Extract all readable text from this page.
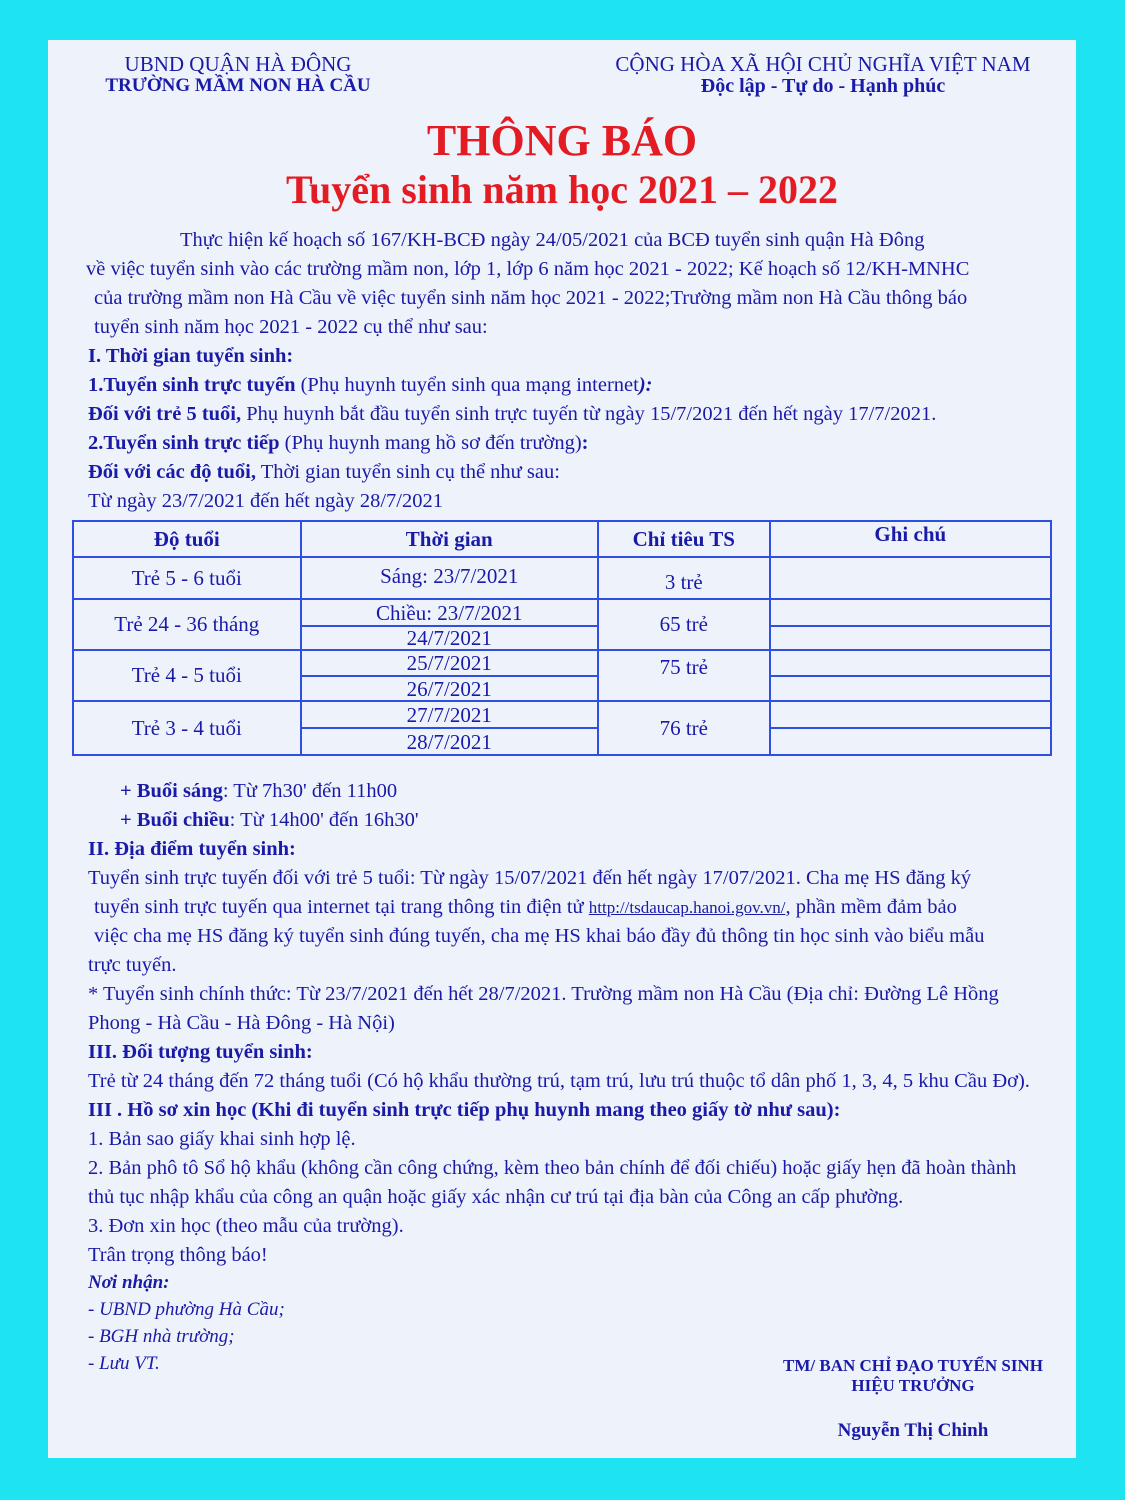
UBND QUẬN HÀ ĐÔNG
TRƯỜNG MẦM NON HÀ CẦU
CỘNG HÒA XÃ HỘI CHỦ NGHĨA VIỆT NAM
Độc lập - Tự do - Hạnh phúc
THÔNG BÁO
Tuyển sinh năm học 2021 – 2022
Thực hiện kế hoạch số 167/KH-BCĐ ngày 24/05/2021 của BCĐ tuyển sinh quận Hà Đông
về việc tuyển sinh vào các trường mầm non, lớp 1, lớp 6 năm học 2021 - 2022; Kế hoạch số 12/KH-MNHC
của trường mầm non Hà Cầu về việc tuyển sinh năm học 2021 - 2022;Trường mầm non Hà Cầu thông báo
tuyển sinh năm học 2021 - 2022 cụ thể như sau:
I. Thời gian tuyển sinh:
1.Tuyển sinh trực tuyến (Phụ huynh tuyển sinh qua mạng internet):
Đối với trẻ 5 tuổi, Phụ huynh bắt đầu tuyển sinh trực tuyến từ ngày 15/7/2021 đến hết ngày 17/7/2021.
2.Tuyển sinh trực tiếp (Phụ huynh mang hồ sơ đến trường):
Đối với các độ tuổi, Thời gian tuyển sinh cụ thể như sau:
Từ ngày 23/7/2021 đến hết ngày 28/7/2021
Độ tuổi	Thời gian	Chỉ tiêu TS	Ghi chú
Trẻ 5 - 6 tuổi	Sáng: 23/7/2021	3 trẻ	
Trẻ 24 - 36 tháng	Chiều: 23/7/2021	65 trẻ	
	24/7/2021		
Trẻ 4 - 5 tuổi	25/7/2021	75 trẻ	
	26/7/2021		
Trẻ 3 - 4 tuổi	27/7/2021	76 trẻ	
	28/7/2021		
+ Buổi sáng: Từ 7h30' đến 11h00
+ Buổi chiều: Từ 14h00' đến 16h30'
II. Địa điểm tuyển sinh:
Tuyển sinh trực tuyến đối với trẻ 5 tuổi: Từ ngày 15/07/2021 đến hết ngày 17/07/2021. Cha mẹ HS đăng ký
tuyển sinh trực tuyến qua internet tại trang thông tin điện tử http://tsdaucap.hanoi.gov.vn/, phần mềm đảm bảo
việc cha mẹ HS đăng ký tuyển sinh đúng tuyến, cha mẹ HS khai báo đầy đủ thông tin học sinh vào biểu mẫu
trực tuyến.
* Tuyển sinh chính thức: Từ 23/7/2021 đến hết 28/7/2021. Trường mầm non Hà Cầu (Địa chỉ: Đường Lê Hồng
Phong - Hà Cầu - Hà Đông - Hà Nội)
III. Đối tượng tuyển sinh:
Trẻ từ 24 tháng đến 72 tháng tuổi (Có hộ khẩu thường trú, tạm trú, lưu trú thuộc tổ dân phố 1, 3, 4, 5 khu Cầu Đơ).
III . Hồ sơ xin học (Khi đi tuyển sinh trực tiếp phụ huynh mang theo giấy tờ như sau):
1. Bản sao giấy khai sinh hợp lệ.
2. Bản phô tô Sổ hộ khẩu (không cần công chứng, kèm theo bản chính để đối chiếu) hoặc giấy hẹn đã hoàn thành
thủ tục nhập khẩu của công an quận hoặc giấy xác nhận cư trú tại địa bàn của Công an cấp phường.
3. Đơn xin học (theo mẫu của trường).
Trân trọng thông báo!
Nơi nhận:
- UBND phường Hà Cầu;
- BGH nhà trường;
- Lưu VT.	TM/ BAN CHỈ ĐẠO TUYỂN SINH
HIỆU TRƯỞNG
Nguyễn Thị Chinh
